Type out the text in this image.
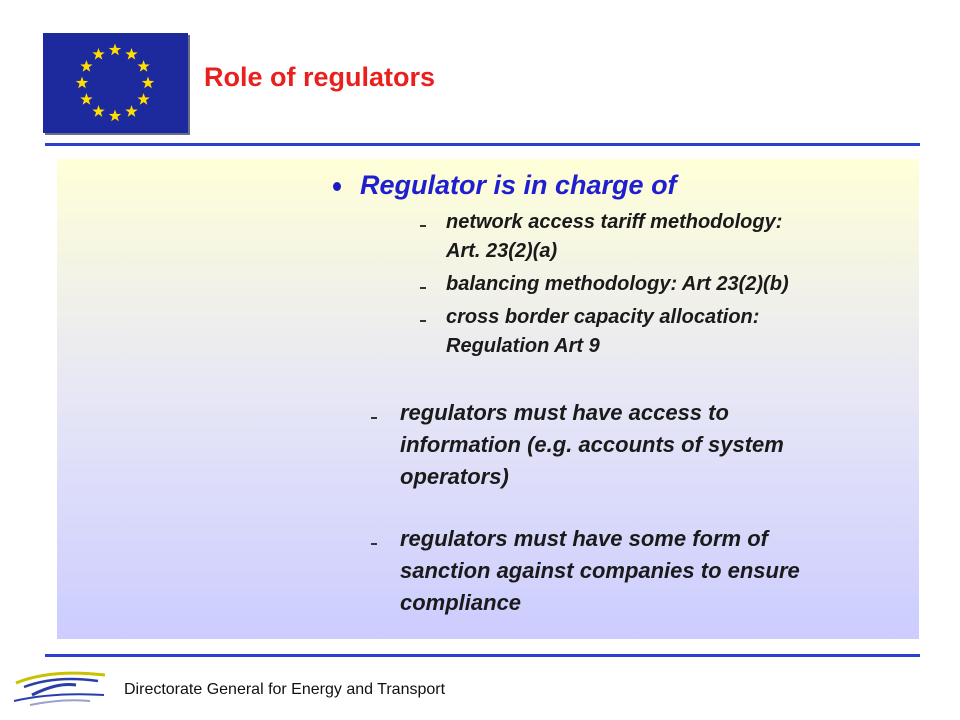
Role of regulators
Regulator is in charge of
network access tariff methodology:
Art. 23(2)(a)
balancing methodology: Art 23(2)(b)
cross border capacity allocation:
Regulation Art 9
regulators must have access to
information (e.g. accounts of system
operators)
regulators must have some form of
sanction against companies to ensure
compliance
Directorate General for Energy and Transport
